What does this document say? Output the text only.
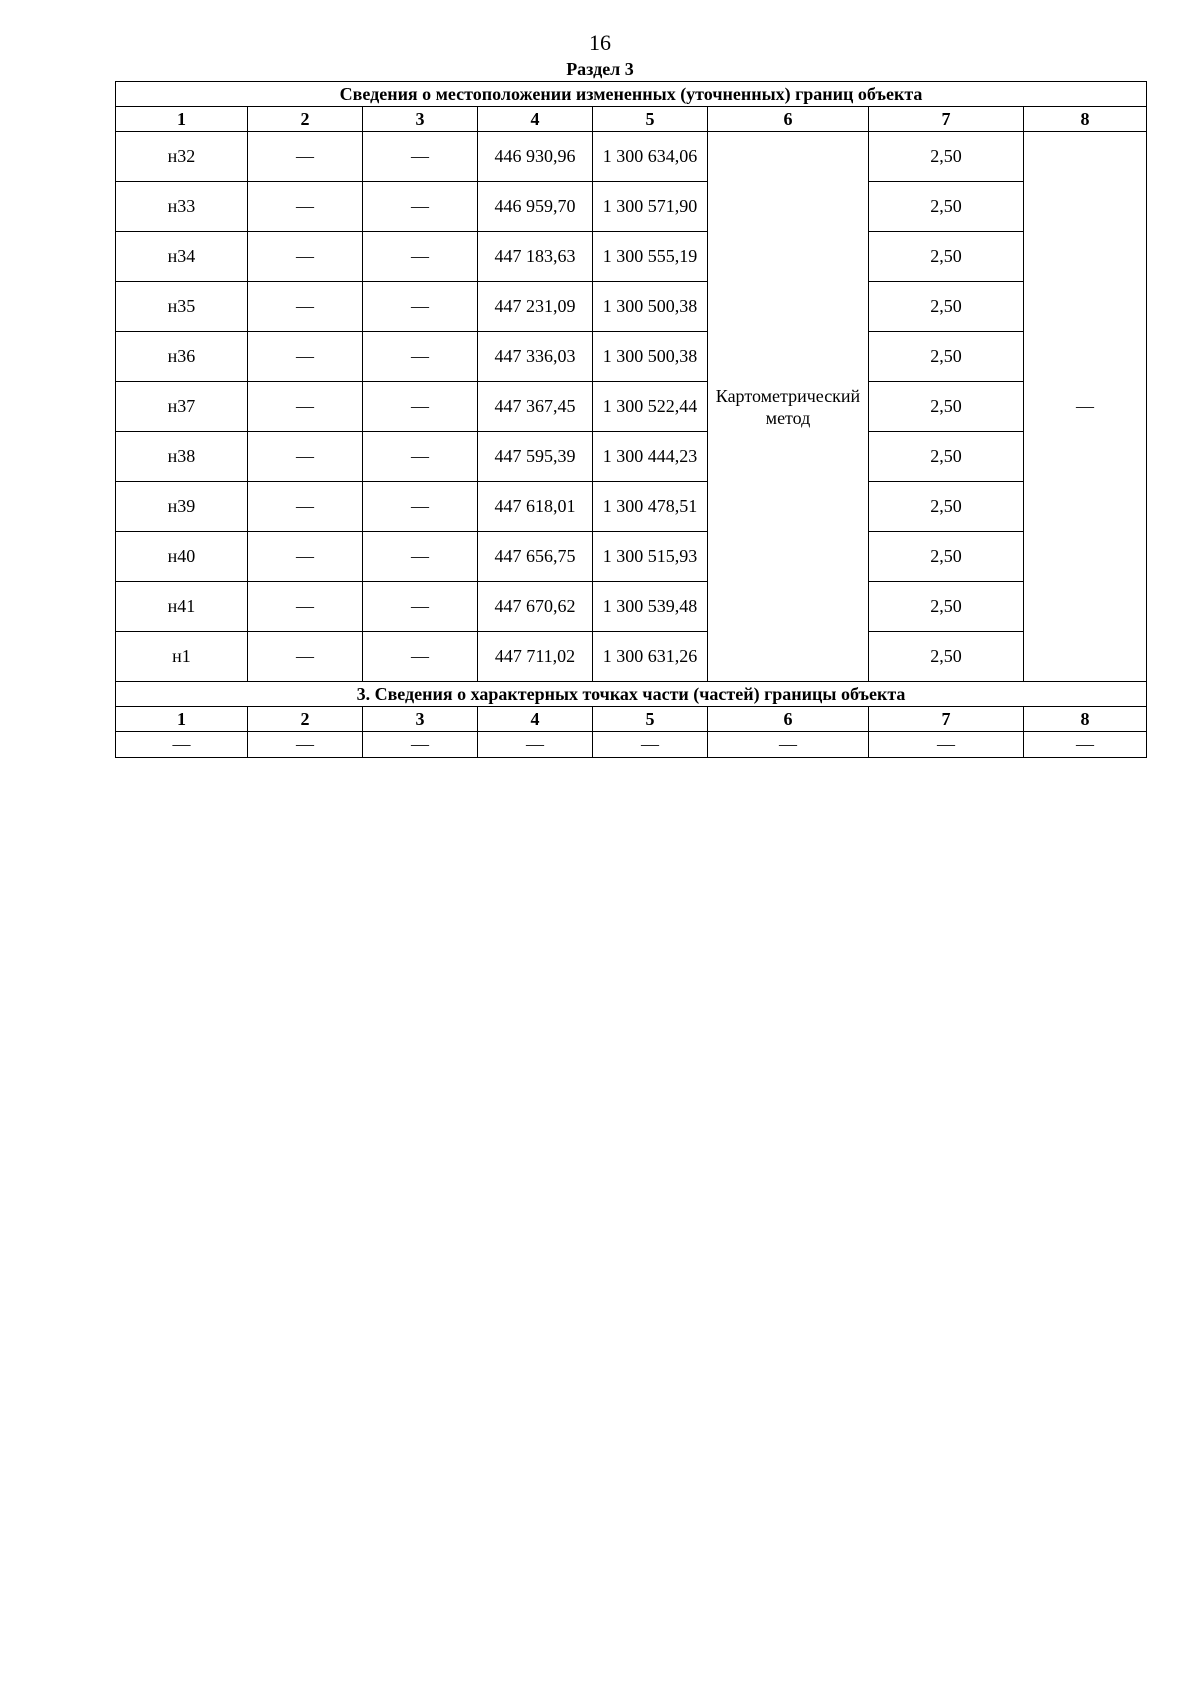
16
Раздел 3
Сведения о местоположении измененных (уточненных) границ объекта							
1	2	3	4	5	6	7	8
н32	—	—	446 930,96	1 300 634,06	Картометрический метод	2,50	—
н33	—	—	446 959,70	1 300 571,90		2,50	
н34	—	—	447 183,63	1 300 555,19		2,50	
н35	—	—	447 231,09	1 300 500,38		2,50	
н36	—	—	447 336,03	1 300 500,38		2,50	
н37	—	—	447 367,45	1 300 522,44		2,50	
н38	—	—	447 595,39	1 300 444,23		2,50	
н39	—	—	447 618,01	1 300 478,51		2,50	
н40	—	—	447 656,75	1 300 515,93		2,50	
н41	—	—	447 670,62	1 300 539,48		2,50	
н1	—	—	447 711,02	1 300 631,26		2,50	
3. Сведения о характерных точках части (частей) границы объекта							
1	2	3	4	5	6	7	8
—	—	—	—	—	—	—	—
